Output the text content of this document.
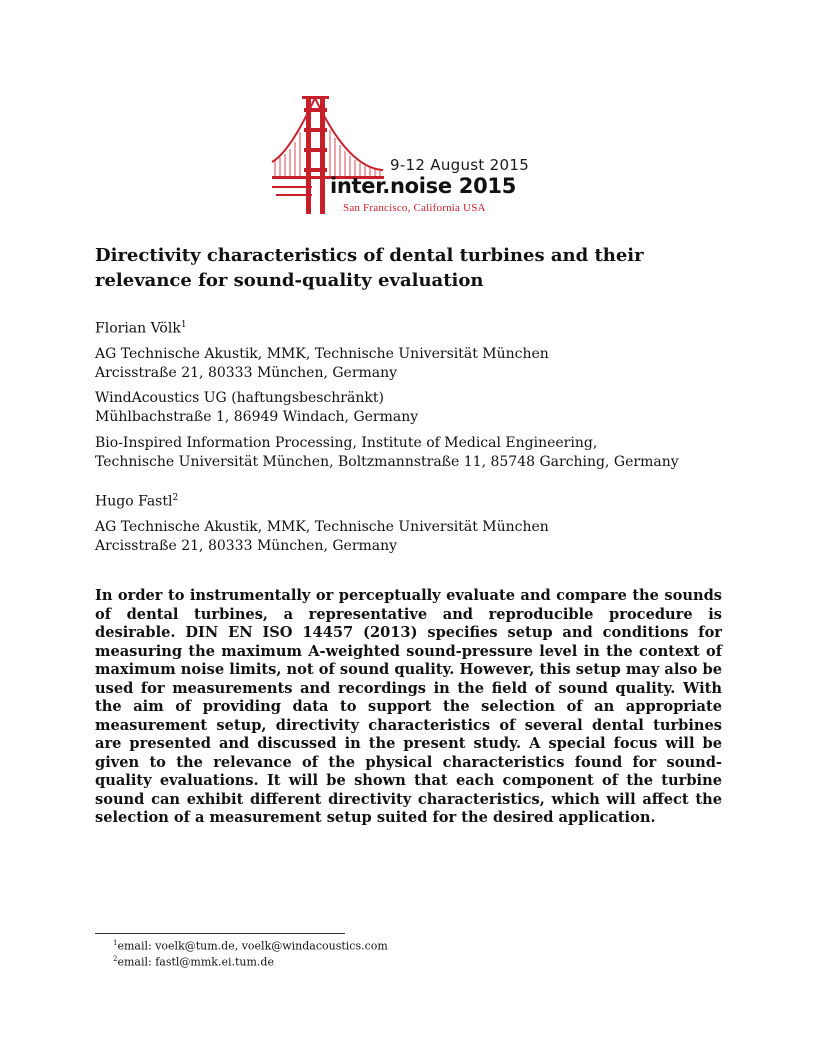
9-12 August 2015
inter.noise 2015
San Francisco, California USA
Directivity characteristics of dental turbines and their relevance for sound-quality evaluation

Florian Völk$^1$

AG Technische Akustik, MMK, Technische Universität München

Arcisstraße 21, 80333 München, Germany

WindAcoustics UG (haftungsbeschränkt)

Mühlbachstraße 1, 86949 Windach, Germany

Bio-Inspired Information Processing, Institute of Medical Engineering,

Technische Universität München, Boltzmannstraße 11, 85748 Garching, Germany

Hugo Fastl$^2$

AG Technische Akustik, MMK, Technische Universität München

Arcisstraße 21, 80333 München, Germany

In order to instrumentally or perceptually evaluate and compare the sounds of dental turbines, a representative and reproducible procedure is desirable. DIN EN ISO 14457 (2013) specifies setup and conditions for measuring the maximum A-weighted sound-pressure level in the context of maximum noise limits, not of sound quality. However, this setup may also be used for measurements and recordings in the field of sound quality. With the aim of providing data to support the selection of an appropriate measurement setup, directivity characteristics of several dental turbines are presented and discussed in the present study. A special focus will be given to the relevance of the physical characteristics found for sound-quality evaluations. It will be shown that each component of the turbine sound can exhibit different directivity characteristics, which will affect the selection of a measurement setup suited for the desired application.

$^1$email: voelk@tum.de, voelk@windacoustics.com

$^2$email: fastl@mmk.ei.tum.de
